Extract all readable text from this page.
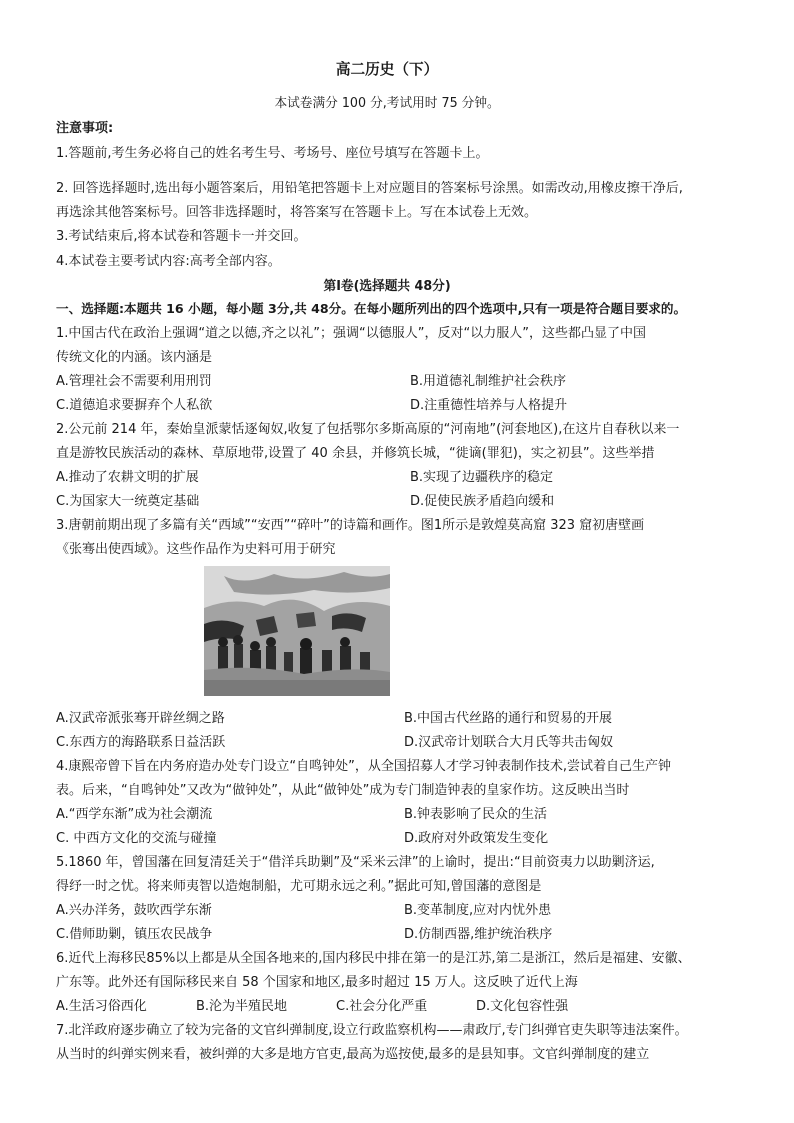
高二历史（下）
本试卷满分 100 分,考试用时 75 分钟。
注意事项:
1.答题前,考生务必将自己的姓名考生号、考场号、座位号填写在答题卡上。
2. 回答选择题时,选出每小题答案后，用铅笔把答题卡上对应题目的答案标号涂黑。如需改动,用橡皮擦干净后,
再选涂其他答案标号。回答非选择题时，将答案写在答题卡上。写在本试卷上无效。
3.考试结束后,将本试卷和答题卡一并交回。
4.本试卷主要考试内容:高考全部内容。
第Ⅰ卷(选择题共 48分)
一、选择题:本题共 16 小题，每小题 3分,共 48分。在每小题所列出的四个选项中,只有一项是符合题目要求的。
1.中国古代在政治上强调“道之以德,齐之以礼”；强调“以德服人”，反对“以力服人”，这些都凸显了中国
传统文化的内涵。该内涵是
A.管理社会不需要利用刑罚	B.用道德礼制维护社会秩序
C.道德追求要摒弃个人私欲	D.注重德性培养与人格提升
2.公元前 214 年，秦始皇派蒙恬逐匈奴,收复了包括鄂尔多斯高原的“河南地”(河套地区),在这片自春秋以来一
直是游牧民族活动的森林、草原地带,设置了 40 余县，并修筑长城，“徙谪(罪犯)，实之初县”。这些举措
A.推动了农耕文明的扩展	B.实现了边疆秩序的稳定
C.为国家大一统奠定基础	D.促使民族矛盾趋向缓和
3.唐朝前期出现了多篇有关“西域”“安西”“碎叶”的诗篇和画作。图1所示是敦煌莫高窟 323 窟初唐壁画
《张骞出使西域》。这些作品作为史料可用于研究
A.汉武帝派张骞开辟丝绸之路	B.中国古代丝路的通行和贸易的开展
C.东西方的海路联系日益活跃	D.汉武帝计划联合大月氏等共击匈奴
4.康熙帝曾下旨在内务府造办处专门设立“自鸣钟处”，从全国招募人才学习钟表制作技术,尝试着自己生产钟
表。后来，“自鸣钟处”又改为“做钟处”，从此“做钟处”成为专门制造钟表的皇家作坊。这反映出当时
A.“西学东渐”成为社会潮流	B.钟表影响了民众的生活
C. 中西方文化的交流与碰撞	D.政府对外政策发生变化
5.1860 年，曾国藩在回复清廷关于“借洋兵助剿”及“采米云津”的上谕时，提出:“目前资夷力以助剿济运,
得纾一时之忧。将来师夷智以造炮制船，尤可期永远之利。”据此可知,曾国藩的意图是
A.兴办洋务，鼓吹西学东渐	B.变革制度,应对内忧外患
C.借师助剿，镇压农民战争	D.仿制西器,维护统治秩序
6.近代上海移民85%以上都是从全国各地来的,国内移民中排在第一的是江苏,第二是浙江，然后是福建、安徽、
广东等。此外还有国际移民来自 58 个国家和地区,最多时超过 15 万人。这反映了近代上海
A.生活习俗西化	B.沦为半殖民地	C.社会分化严重	D.文化包容性强
7.北洋政府逐步确立了较为完备的文官纠弹制度,设立行政监察机构——肃政厅,专门纠弹官吏失职等违法案件。
从当时的纠弹实例来看，被纠弹的大多是地方官吏,最高为巡按使,最多的是县知事。文官纠弹制度的建立
